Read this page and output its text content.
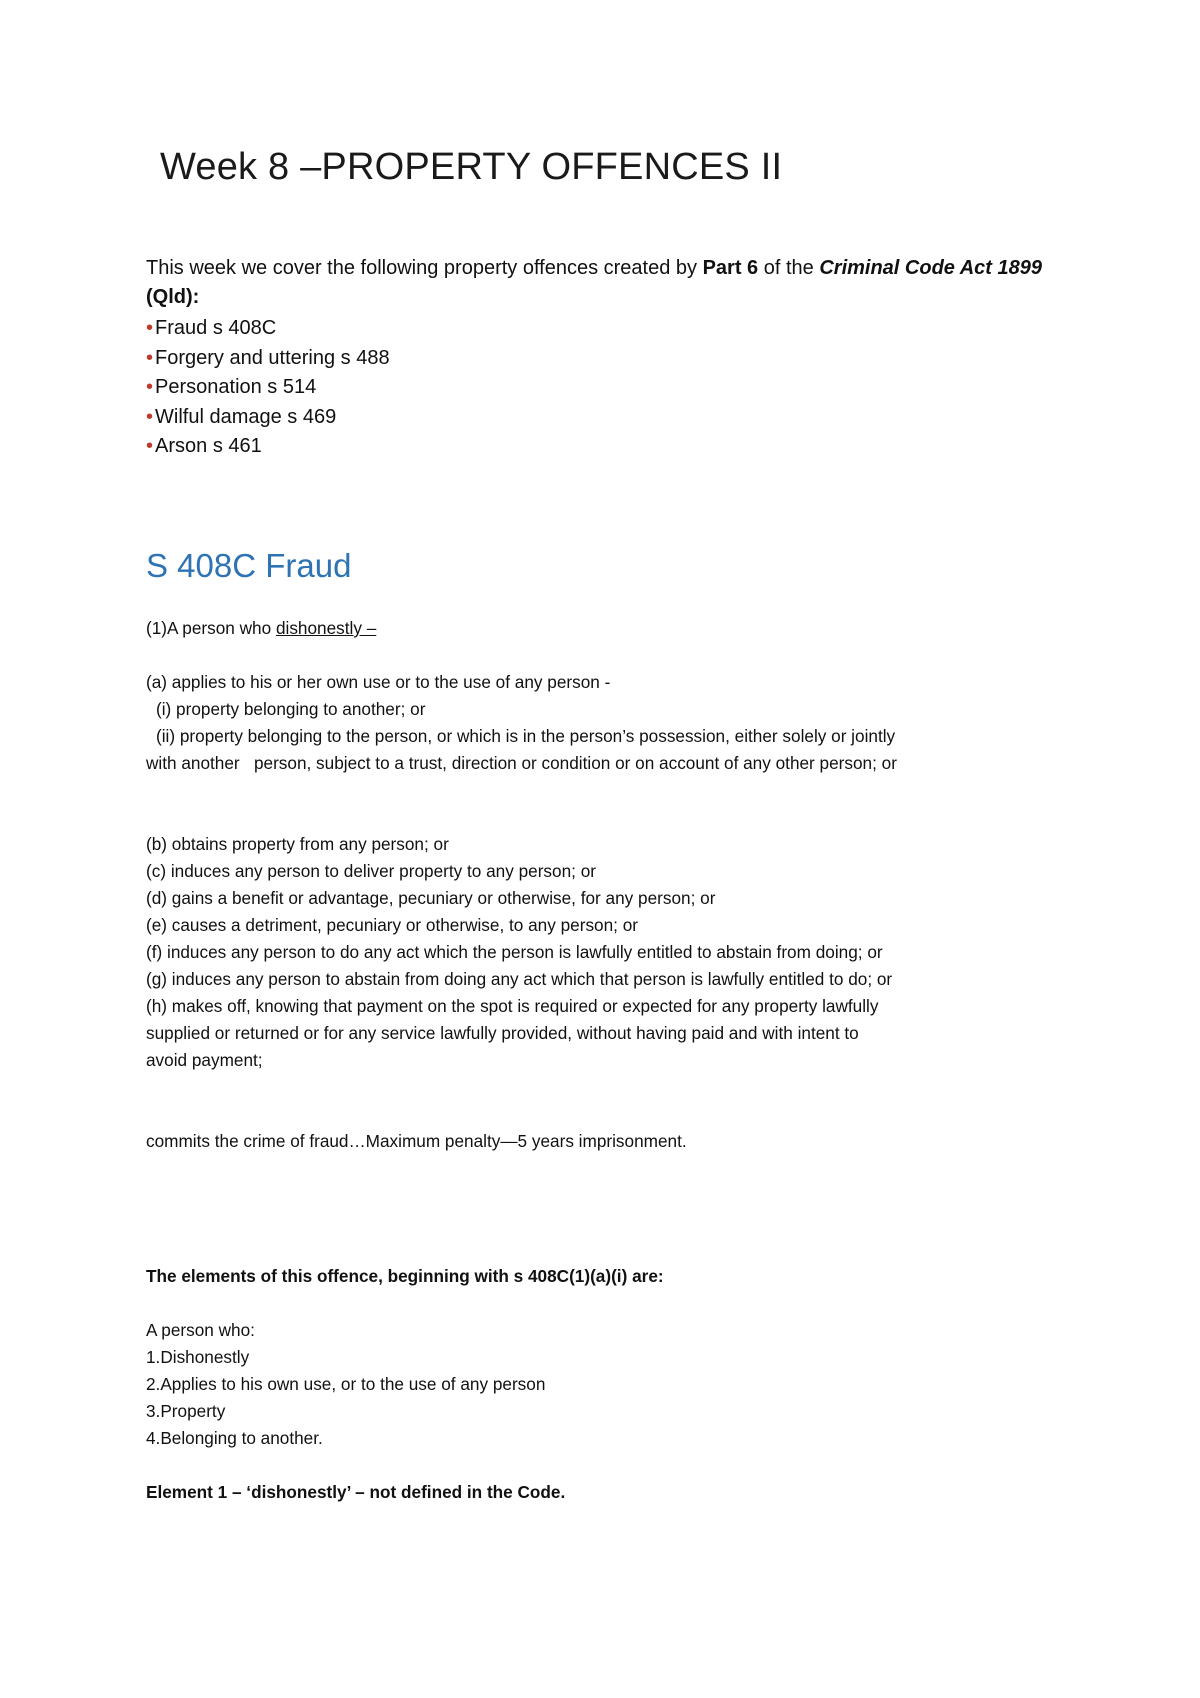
Week 8 –PROPERTY OFFENCES II
This week we cover the following property offences created by Part 6 of the Criminal Code Act 1899 (Qld):
• Fraud s 408C
• Forgery and uttering s 488
• Personation s 514
• Wilful damage s 469
• Arson s 461
S 408C Fraud
(1)A person who dishonestly –
(a) applies to his or her own use or to the use of any person -
(i) property belonging to another; or
(ii) property belonging to the person, or which is in the person’s possession, either solely or jointly
with another   person, subject to a trust, direction or condition or on account of any other person; or
(b) obtains property from any person; or
(c) induces any person to deliver property to any person; or
(d) gains a benefit or advantage, pecuniary or otherwise, for any person; or
(e) causes a detriment, pecuniary or otherwise, to any person; or
(f) induces any person to do any act which the person is lawfully entitled to abstain from doing; or
(g) induces any person to abstain from doing any act which that person is lawfully entitled to do; or
(h) makes off, knowing that payment on the spot is required or expected for any property lawfully
supplied or returned or for any service lawfully provided, without having paid and with intent to
avoid payment;
commits the crime of fraud…Maximum penalty—5 years imprisonment.
The elements of this offence, beginning with s 408C(1)(a)(i) are:
A person who:
1.Dishonestly
2.Applies to his own use, or to the use of any person
3.Property
4.Belonging to another.
Element 1 – ‘dishonestly’ – not defined in the Code.
